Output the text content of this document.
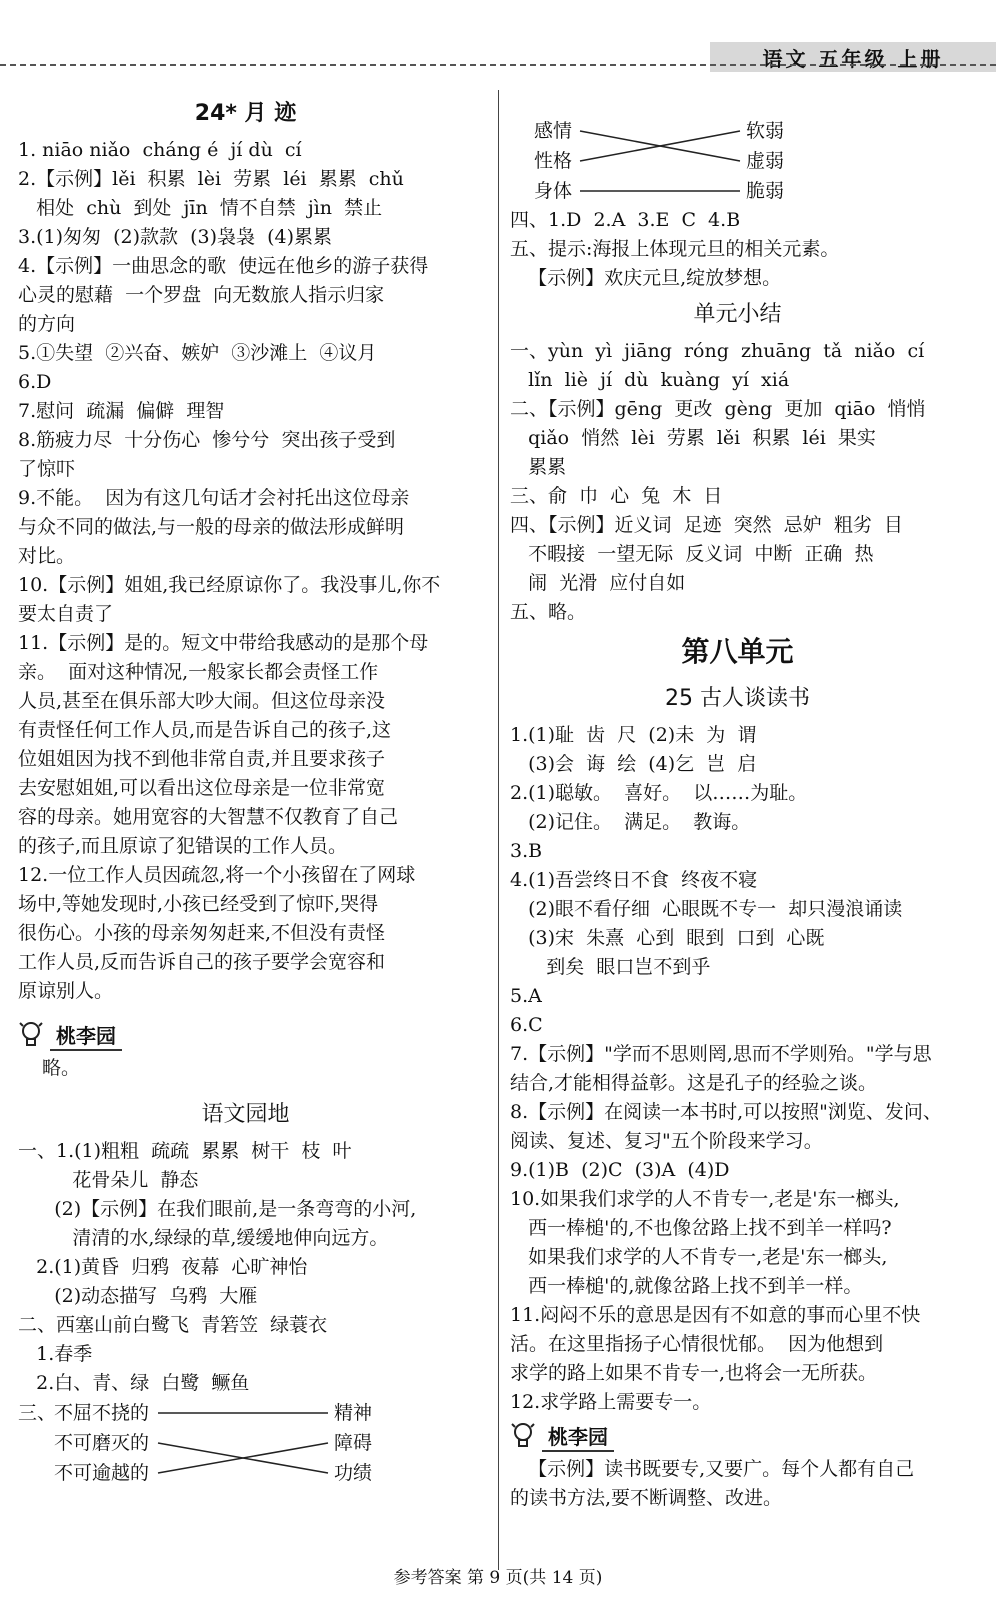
语文 五年级 上册
24* 月 迹
1. niāo niǎo  cháng é  jí dù  cí
2.【示例】lěi  积累  lèi  劳累  léi  累累  chǔ
相处  chù  到处  jīn  情不自禁  jìn  禁止
3.(1)匆匆  (2)款款  (3)袅袅  (4)累累
4.【示例】一曲思念的歌  使远在他乡的游子获得
心灵的慰藉  一个罗盘  向无数旅人指示归家
的方向
5.①失望  ②兴奋、嫉妒  ③沙滩上  ④议月
6.D
7.慰问  疏漏  偏僻  理智
8.筋疲力尽  十分伤心  惨兮兮  突出孩子受到
了惊吓
9.不能。  因为有这几句话才会衬托出这位母亲
与众不同的做法,与一般的母亲的做法形成鲜明
对比。
10.【示例】姐姐,我已经原谅你了。我没事儿,你不
要太自责了
11.【示例】是的。短文中带给我感动的是那个母
亲。  面对这种情况,一般家长都会责怪工作
人员,甚至在俱乐部大吵大闹。但这位母亲没
有责怪任何工作人员,而是告诉自己的孩子,这
位姐姐因为找不到他非常自责,并且要求孩子
去安慰姐姐,可以看出这位母亲是一位非常宽
容的母亲。她用宽容的大智慧不仅教育了自己
的孩子,而且原谅了犯错误的工作人员。
12.一位工作人员因疏忽,将一个小孩留在了网球
场中,等她发现时,小孩已经受到了惊吓,哭得
很伤心。小孩的母亲匆匆赶来,不但没有责怪
工作人员,反而告诉自己的孩子要学会宽容和
原谅别人。
桃李园
略。
语文园地
一、1.(1)粗粗  疏疏  累累  树干  枝  叶
花骨朵儿  静态
(2)【示例】在我们眼前,是一条弯弯的小河,
清清的水,绿绿的草,缓缓地伸向远方。
2.(1)黄昏  归鸦  夜幕  心旷神怡
(2)动态描写  乌鸦  大雁
二、西塞山前白鹭飞  青箬笠  绿蓑衣
1.春季
2.白、青、绿  白鹭  鳜鱼
三、
不屈不挠的
不可磨灭的
不可逾越的
精神
障碍
功绩
感情
性格
身体
软弱
虚弱
脆弱
四、1.D  2.A  3.E  C  4.B
五、提示:海报上体现元旦的相关元素。
【示例】欢庆元旦,绽放梦想。
单元小结
一、yùn  yì  jiāng  róng  zhuāng  tǎ  niǎo  cí
lǐn  liè  jí  dù  kuàng  yí  xiá
二、【示例】gēng  更改  gèng  更加  qiāo  悄悄
qiǎo  悄然  lèi  劳累  lěi  积累  léi  果实
累累
三、俞  巾  心  兔  木  日
四、【示例】近义词  足迹  突然  忌妒  粗劣  目
不暇接  一望无际  反义词  中断  正确  热
闹  光滑  应付自如
五、略。
第八单元
25 古人谈读书
1.(1)耻  齿  尺  (2)未  为  谓
(3)会  诲  绘  (4)乞  岂  启
2.(1)聪敏。  喜好。  以……为耻。
(2)记住。  满足。  教诲。
3.B
4.(1)吾尝终日不食  终夜不寝
(2)眼不看仔细  心眼既不专一  却只漫浪诵读
(3)宋  朱熹  心到  眼到  口到  心既
到矣  眼口岂不到乎
5.A
6.C
7.【示例】"学而不思则罔,思而不学则殆。"学与思
结合,才能相得益彰。这是孔子的经验之谈。
8.【示例】在阅读一本书时,可以按照"浏览、发问、
阅读、复述、复习"五个阶段来学习。
9.(1)B  (2)C  (3)A  (4)D
10.如果我们求学的人不肯专一,老是'东一榔头,
西一棒槌'的,不也像岔路上找不到羊一样吗?
如果我们求学的人不肯专一,老是'东一榔头,
西一棒槌'的,就像岔路上找不到羊一样。
11.闷闷不乐的意思是因有不如意的事而心里不快
活。在这里指扬子心情很忧郁。  因为他想到
求学的路上如果不肯专一,也将会一无所获。
12.求学路上需要专一。
桃李园
【示例】读书既要专,又要广。每个人都有自己
的读书方法,要不断调整、改进。
参考答案 第 9 页(共 14 页)
